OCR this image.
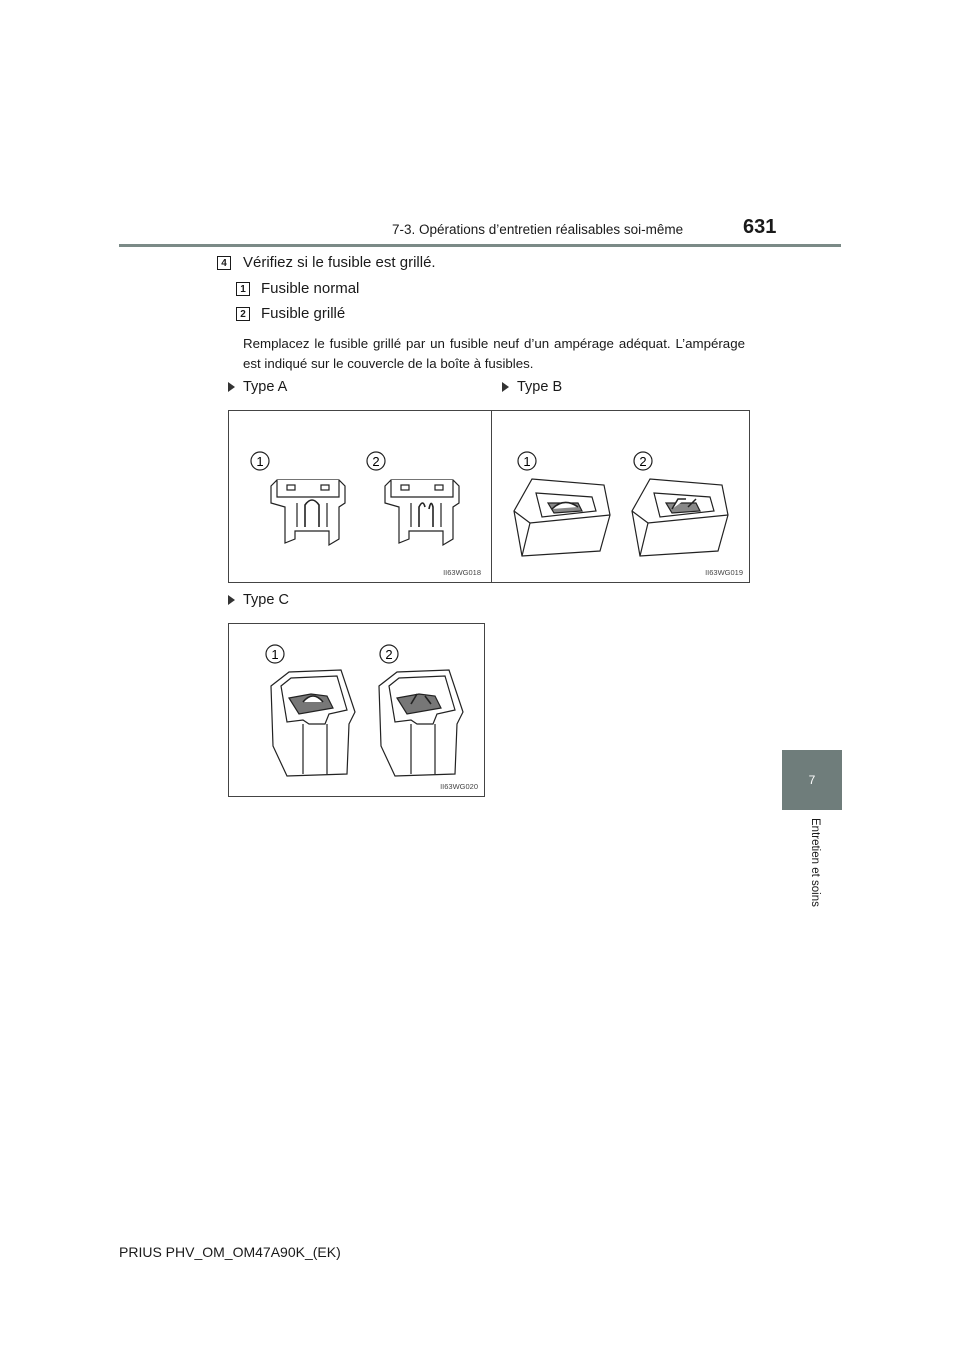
7-3. Opérations d’entretien réalisables soi-même	631
7
Entretien et soins
4 Vérifiez si le fusible est grillé.
1 Fusible normal
2 Fusible grillé
Remplacez le fusible grillé par un fusible neuf d’un ampérage adéquat. L’ampérage est indiqué sur le couvercle de la boîte à fusibles.
Type A	Type B
Type C
1	2
II63WG018
1	2
II63WG019
1	2
II63WG020
PRIUS PHV_OM_OM47A90K_(EK)
